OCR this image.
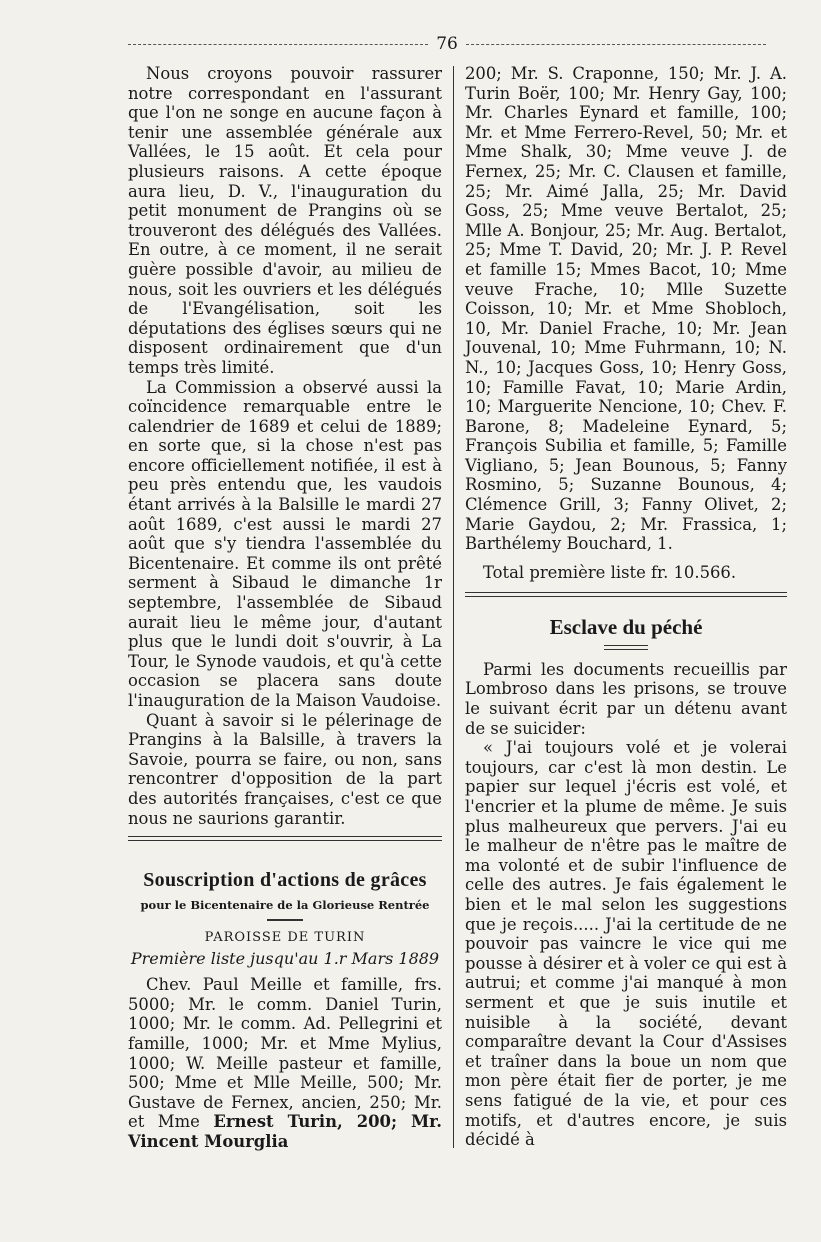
76

Nous croyons pouvoir rassurer notre correspondant en l'assurant que l'on ne songe en aucune façon à tenir une assemblée générale aux Vallées, le 15 août. Et cela pour plusieurs raisons. A cette époque aura lieu, D. V., l'inauguration du petit monument de Prangins où se trouveront des délégués des Vallées. En outre, à ce moment, il ne serait guère possible d'avoir, au milieu de nous, soit les ouvriers et les délégués de l'Evangélisation, soit les députations des églises sœurs qui ne disposent ordinairement que d'un temps très limité.

La Commission a observé aussi la coïncidence remarquable entre le calendrier de 1689 et celui de 1889; en sorte que, si la chose n'est pas encore officiellement notifiée, il est à peu près entendu que, les vaudois étant arrivés à la Balsille le mardi 27 août 1689, c'est aussi le mardi 27 août que s'y tiendra l'assemblée du Bicentenaire. Et comme ils ont prêté serment à Sibaud le dimanche 1r septembre, l'assemblée de Sibaud aurait lieu le même jour, d'autant plus que le lundi doit s'ouvrir, à La Tour, le Synode vaudois, et qu'à cette occasion se placera sans doute l'inauguration de la Maison Vaudoise.

Quant à savoir si le pélerinage de Prangins à la Balsille, à travers la Savoie, pourra se faire, ou non, sans rencontrer d'opposition de la part des autorités françaises, c'est ce que nous ne saurions garantir.

Souscription d'actions de grâces
pour le Bicentenaire de la Glorieuse Rentrée
PAROISSE DE TURIN
Première liste jusqu'au 1.r Mars 1889

Chev. Paul Meille et famille, frs. 5000; Mr. le comm. Daniel Turin, 1000; Mr. le comm. Ad. Pellegrini et famille, 1000; Mr. et Mme Mylius, 1000; W. Meille pasteur et famille, 500; Mme et Mlle Meille, 500; Mr. Gustave de Fernex, ancien, 250; Mr. et Mme Ernest Turin, 200; Mr. Vincent Mourglia

200; Mr. S. Craponne, 150; Mr. J. A. Turin Boër, 100; Mr. Henry Gay, 100; Mr. Charles Eynard et famille, 100; Mr. et Mme Ferrero-Revel, 50; Mr. et Mme Shalk, 30; Mme veuve J. de Fernex, 25; Mr. C. Clausen et famille, 25; Mr. Aimé Jalla, 25; Mr. David Goss, 25; Mme veuve Bertalot, 25; Mlle A. Bonjour, 25; Mr. Aug. Bertalot, 25; Mme T. David, 20; Mr. J. P. Revel et famille 15; Mmes Bacot, 10; Mme veuve Frache, 10; Mlle Suzette Coisson, 10; Mr. et Mme Shobloch, 10, Mr. Daniel Frache, 10; Mr. Jean Jouvenal, 10; Mme Fuhrmann, 10; N. N., 10; Jacques Goss, 10; Henry Goss, 10; Famille Favat, 10; Marie Ardin, 10; Marguerite Nencione, 10; Chev. F. Barone, 8; Madeleine Eynard, 5; François Subilia et famille, 5; Famille Vigliano, 5; Jean Bounous, 5; Fanny Rosmino, 5; Suzanne Bounous, 4; Clémence Grill, 3; Fanny Olivet, 2; Marie Gaydou, 2; Mr. Frassica, 1; Barthélemy Bouchard, 1.

Total première liste fr. 10.566.
Esclave du péché

Parmi les documents recueillis par Lombroso dans les prisons, se trouve le suivant écrit par un détenu avant de se suicider:

« J'ai toujours volé et je volerai toujours, car c'est là mon destin. Le papier sur lequel j'écris est volé, et l'encrier et la plume de même. Je suis plus malheureux que pervers. J'ai eu le malheur de n'être pas le maître de ma volonté et de subir l'influence de celle des autres. Je fais également le bien et le mal selon les suggestions que je reçois..... J'ai la certitude de ne pouvoir pas vaincre le vice qui me pousse à désirer et à voler ce qui est à autrui; et comme j'ai manqué à mon serment et que je suis inutile et nuisible à la société, devant comparaître devant la Cour d'Assises et traîner dans la boue un nom que mon père était fier de porter, je me sens fatigué de la vie, et pour ces motifs, et d'autres encore, je suis décidé à
